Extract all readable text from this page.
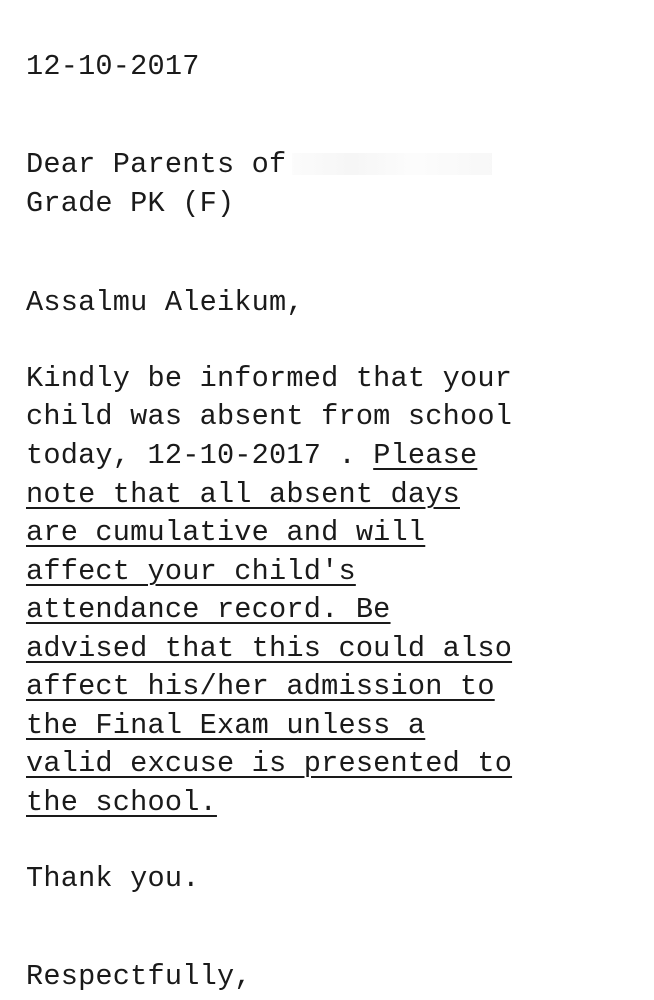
12-10-2017
Dear Parents of
Grade PK (F)
Assalmu Aleikum,
Kindly be informed that your
child was absent from school
today, 12-10-2017 . Please
note that all absent days
are cumulative and will
affect your child's
attendance record. Be
advised that this could also
affect his/her admission to
the Final Exam unless a
valid excuse is presented to
the school.
Thank you.
Respectfully,
